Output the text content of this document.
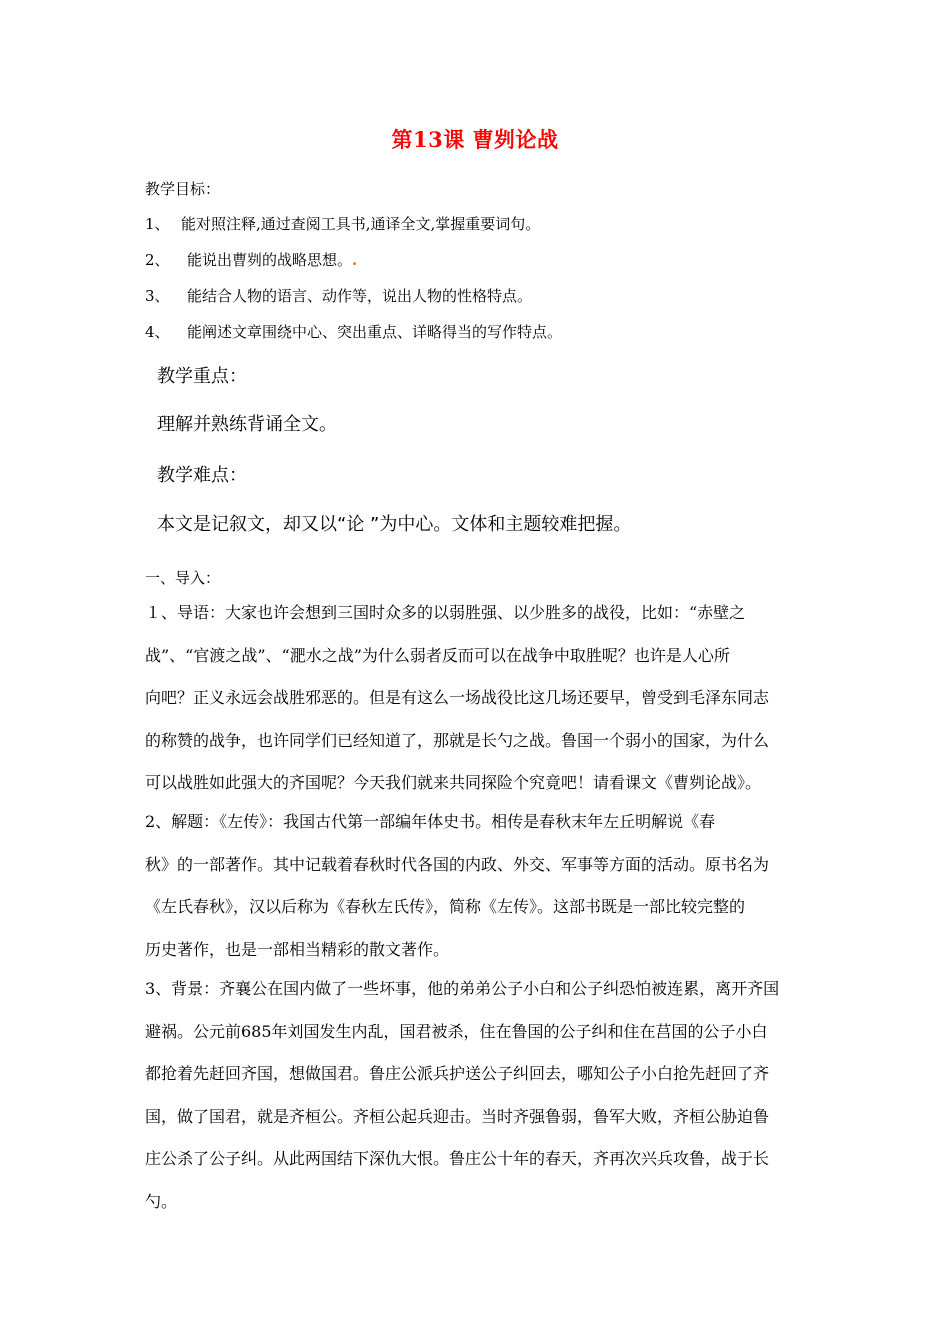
第13课 曹刿论战
教学目标：
1、 能对照注释,通过查阅工具书,通译全文,掌握重要词句。
2、 能说出曹刿的战略思想。.
3、 能结合人物的语言、动作等，说出人物的性格特点。
4、 能阐述文章围绕中心、突出重点、详略得当的写作特点。
教学重点：
理解并熟练背诵全文。
教学难点：
本文是记叙文，却又以“论 ”为中心。文体和主题较难把握。
一、导入：
１、导语：大家也许会想到三国时众多的以弱胜强、以少胜多的战役，比如：“赤壁之
战”、“官渡之战”、“淝水之战”为什么弱者反而可以在战争中取胜呢？也许是人心所
向吧？正义永远会战胜邪恶的。但是有这么一场战役比这几场还要早，曾受到毛泽东同志
的称赞的战争，也许同学们已经知道了，那就是长勺之战。鲁国一个弱小的国家，为什么
可以战胜如此强大的齐国呢？今天我们就来共同探险个究竟吧！请看课文《曹刿论战》。
2、解题：《左传》：我国古代第一部编年体史书。相传是春秋末年左丘明解说《春
秋》的一部著作。其中记载着春秋时代各国的内政、外交、军事等方面的活动。原书名为
《左氏春秋》，汉以后称为《春秋左氏传》，简称《左传》。这部书既是一部比较完整的
历史著作，也是一部相当精彩的散文著作。
3、背景：齐襄公在国内做了一些坏事，他的弟弟公子小白和公子纠恐怕被连累，离开齐国
避祸。公元前685年刘国发生内乱，国君被杀，住在鲁国的公子纠和住在莒国的公子小白
都抢着先赶回齐国，想做国君。鲁庄公派兵护送公子纠回去，哪知公子小白抢先赶回了齐
国，做了国君，就是齐桓公。齐桓公起兵迎击。当时齐强鲁弱，鲁军大败，齐桓公胁迫鲁
庄公杀了公子纠。从此两国结下深仇大恨。鲁庄公十年的春天，齐再次兴兵攻鲁，战于长
勺。
